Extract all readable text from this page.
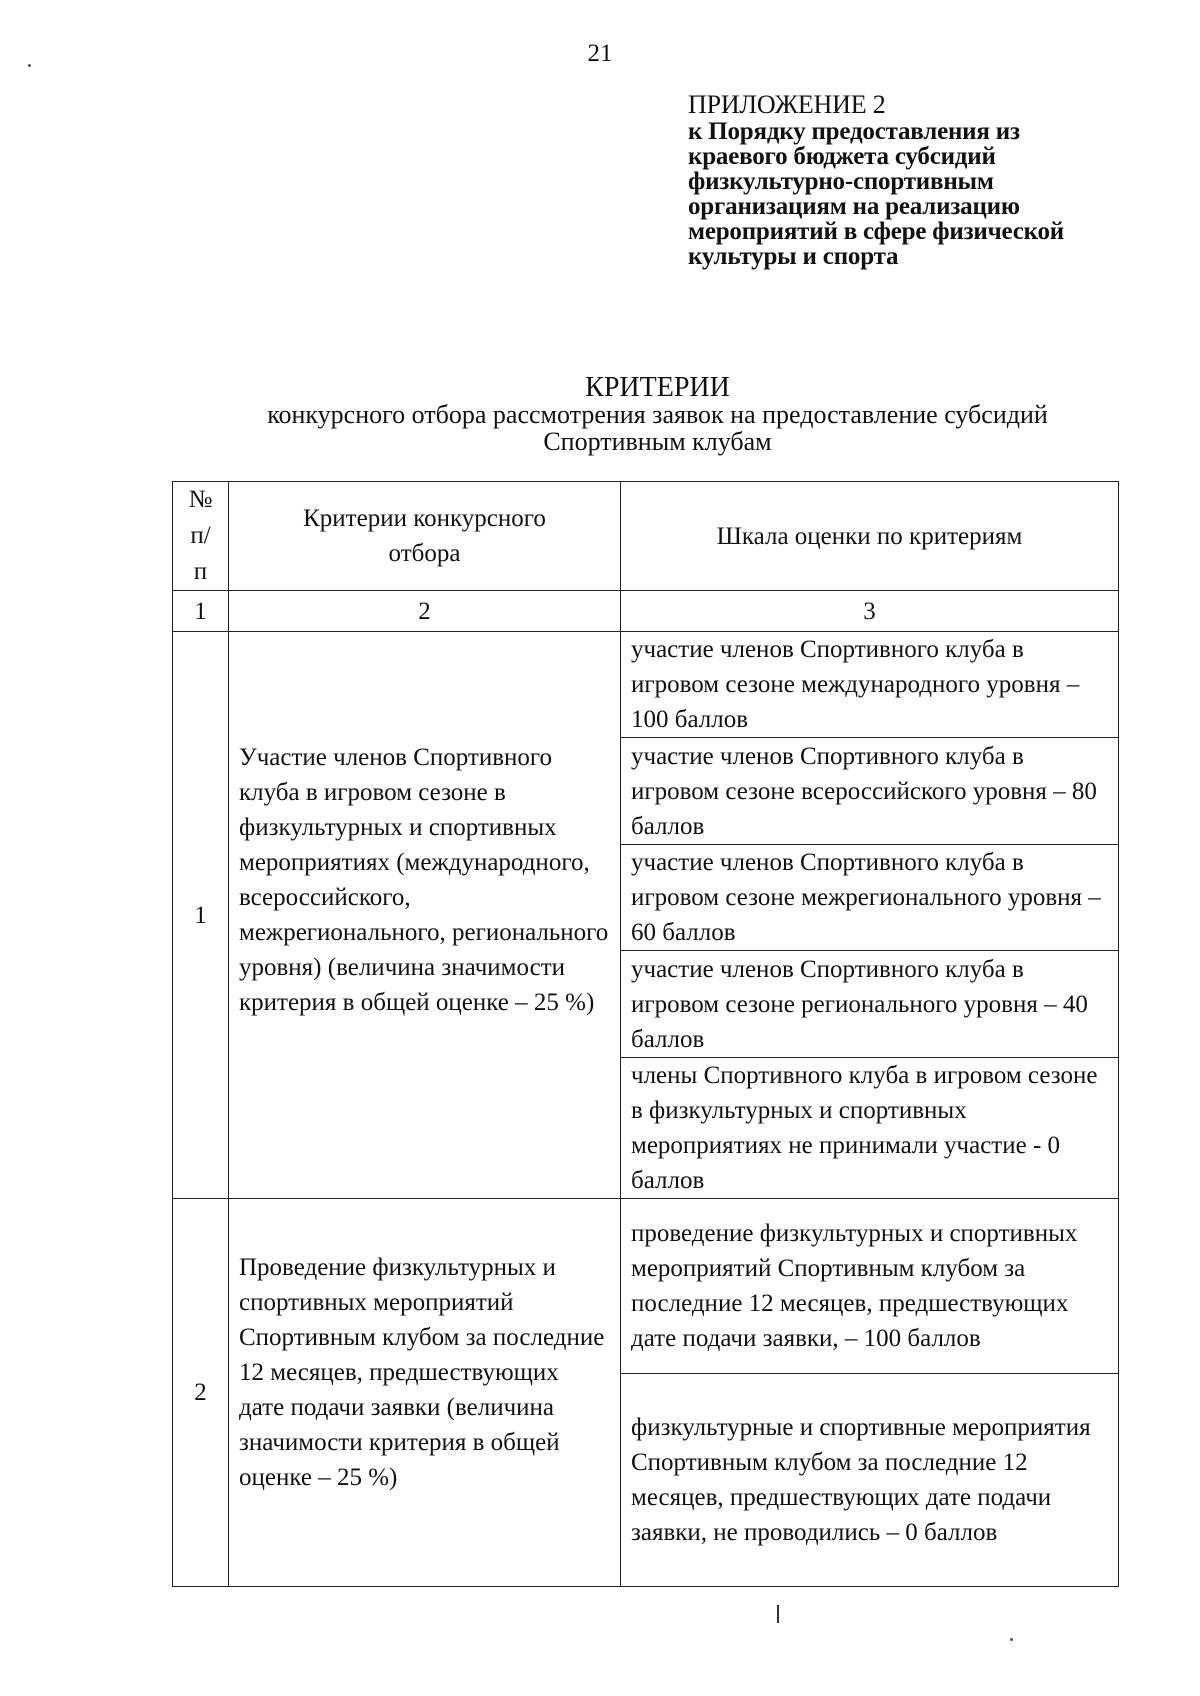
21
ПРИЛОЖЕНИЕ 2
к Порядку предоставления из
краевого бюджета субсидий
физкультурно-спортивным
организациям на реализацию
мероприятий в сфере физической
культуры и спорта
КРИТЕРИИ
конкурсного отбора рассмотрения заявок на предоставление субсидий
Спортивным клубам
№
п/
п	Критерии конкурсного отбора	Шкала оценки по критериям
1	2	3
1	Участие членов Спортивного клуба в игровом сезоне в физкультурных и спортивных мероприятиях (международного, всероссийского, межрегионального, регионального уровня) (величина значимости критерия в общей оценке – 25 %)	участие членов Спортивного клуба в игровом сезоне международного уровня – 100 баллов
		участие членов Спортивного клуба в игровом сезоне всероссийского уровня – 80 баллов
		участие членов Спортивного клуба в игровом сезоне межрегионального уровня – 60 баллов
		участие членов Спортивного клуба в игровом сезоне регионального уровня – 40 баллов
		члены Спортивного клуба в игровом сезоне в физкультурных и спортивных мероприятиях не принимали участие - 0 баллов
2	Проведение физкультурных и спортивных мероприятий Спортивным клубом за последние 12 месяцев, предшествующих дате подачи заявки (величина значимости критерия в общей оценке – 25 %)	проведение физкультурных и спортивных мероприятий Спортивным клубом за последние 12 месяцев, предшествующих дате подачи заявки, – 100 баллов
		физкультурные и спортивные мероприятия Спортивным клубом за последние 12 месяцев, предшествующих дате подачи заявки, не проводились – 0 баллов
